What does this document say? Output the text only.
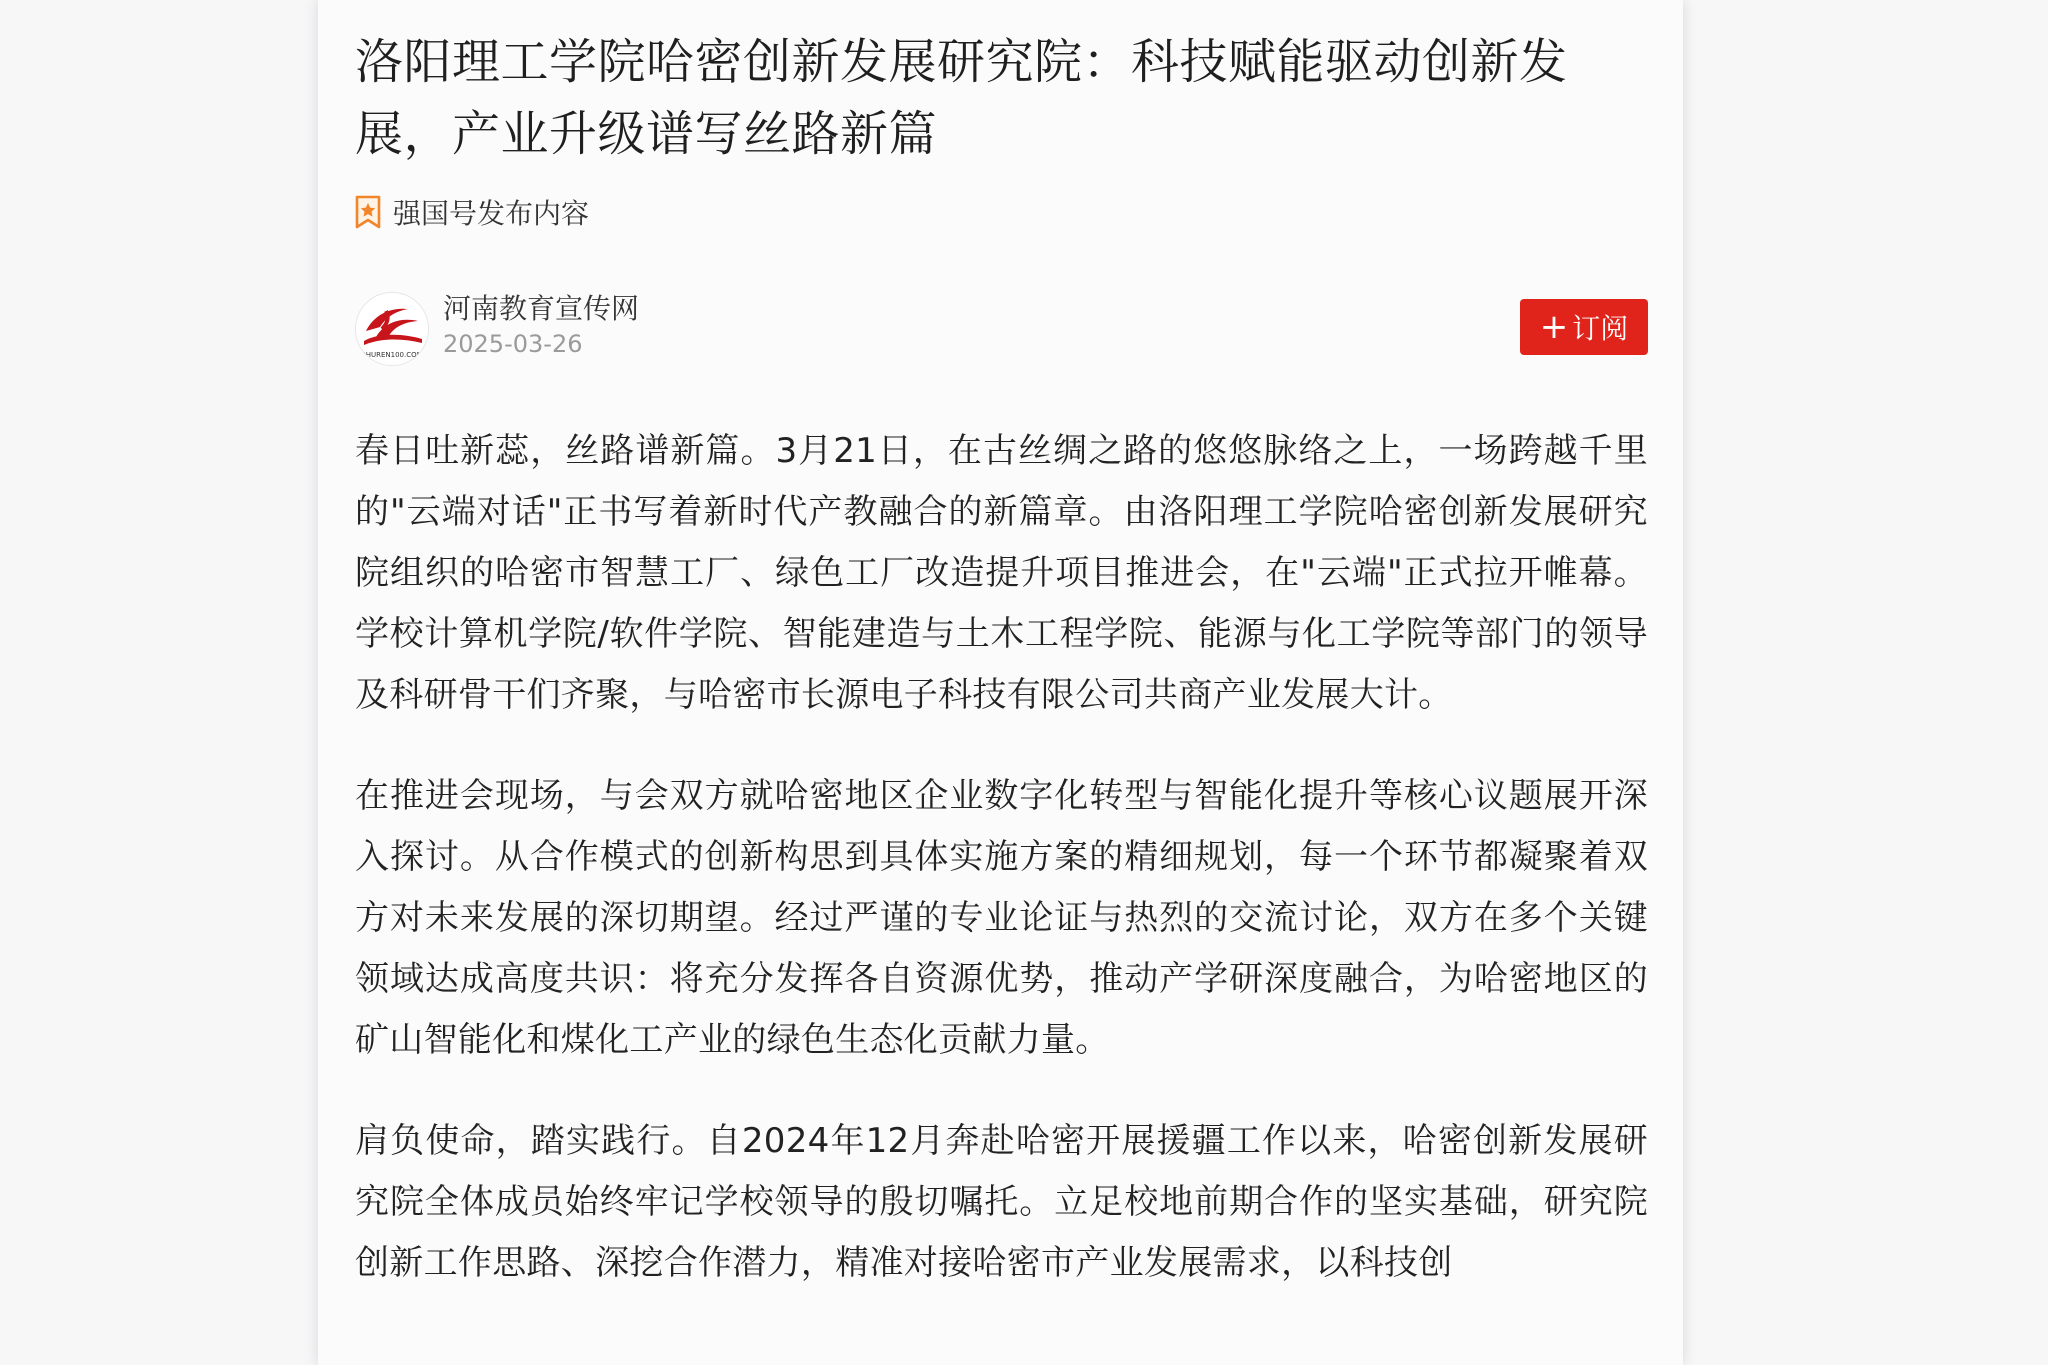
洛阳理工学院哈密创新发展研究院：科技赋能驱动创新发展，产业升级谱写丝路新篇
强国号发布内容
SHUREN100.COM
河南教育宣传网
2025-03-26	+ 订阅

春日吐新蕊，丝路谱新篇。3月21日，在古丝绸之路的悠悠脉络之上，一场跨越千里的"云端对话"正书写着新时代产教融合的新篇章。由洛阳理工学院哈密创新发展研究院组织的哈密市智慧工厂、绿色工厂改造提升项目推进会，在"云端"正式拉开帷幕。学校计算机学院/软件学院、智能建造与土木工程学院、能源与化工学院等部门的领导及科研骨干们齐聚，与哈密市长源电子科技有限公司共商产业发展大计。

在推进会现场，与会双方就哈密地区企业数字化转型与智能化提升等核心议题展开深入探讨。从合作模式的创新构思到具体实施方案的精细规划，每一个环节都凝聚着双方对未来发展的深切期望。经过严谨的专业论证与热烈的交流讨论，双方在多个关键领域达成高度共识：将充分发挥各自资源优势，推动产学研深度融合，为哈密地区的矿山智能化和煤化工产业的绿色生态化贡献力量。

肩负使命，踏实践行。自2024年12月奔赴哈密开展援疆工作以来，哈密创新发展研究院全体成员始终牢记学校领导的殷切嘱托。立足校地前期合作的坚实基础，研究院创新工作思路、深挖合作潜力，精准对接哈密市产业发展需求，以科技创
